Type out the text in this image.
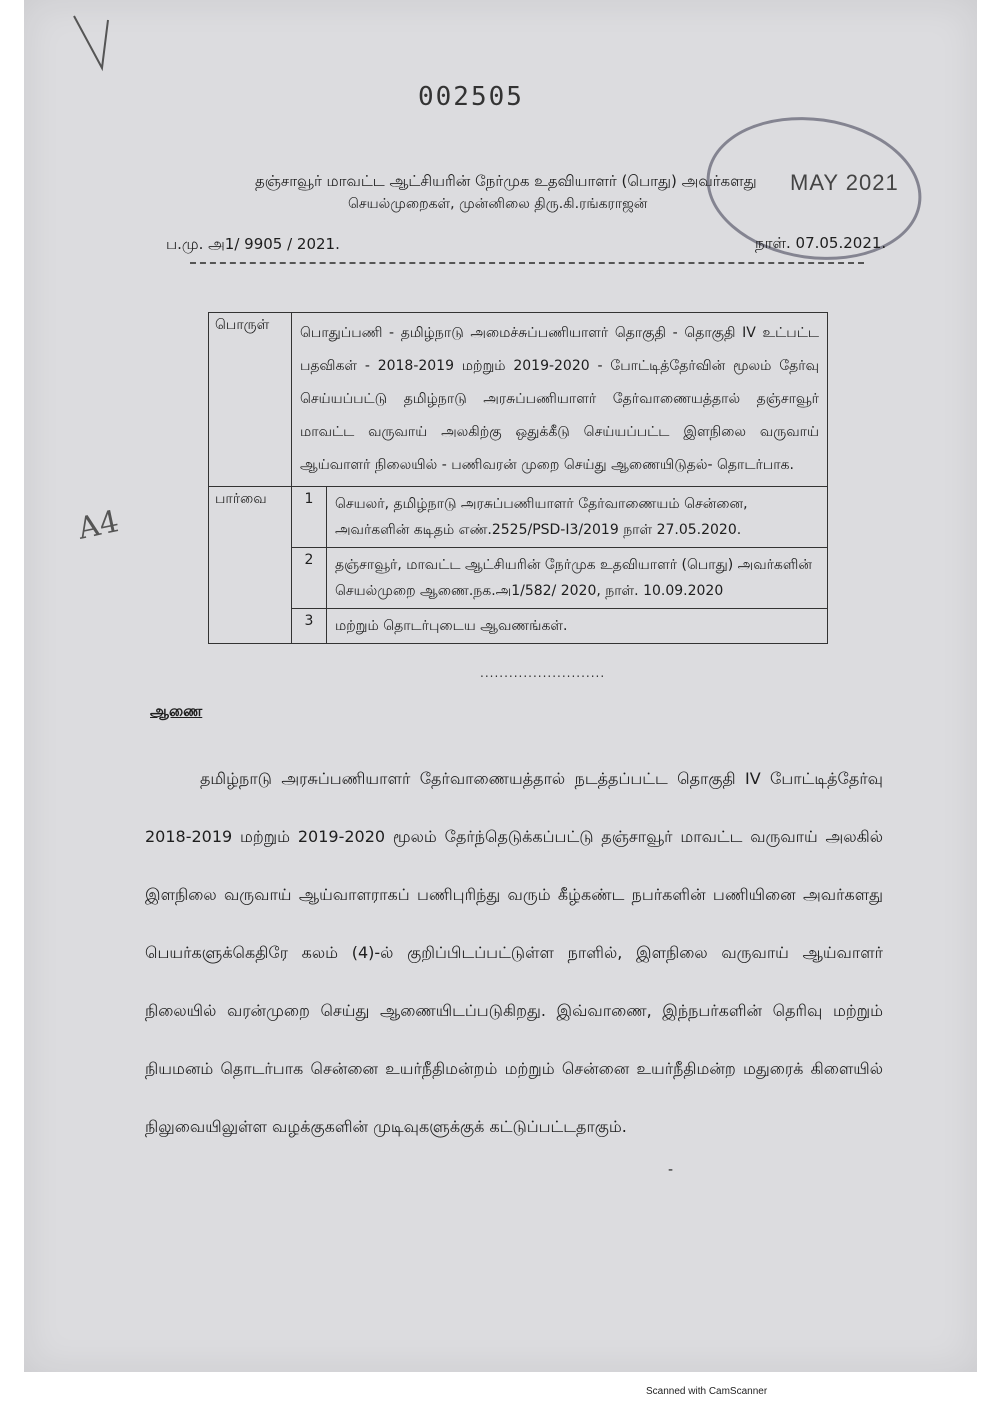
002505
MAY 2021
தஞ்சாவூர் மாவட்ட ஆட்சியரின் நேர்முக உதவியாளர் (பொது) அவர்களது
செயல்முறைகள், முன்னிலை திரு.கி.ரங்கராஜன்
ப.மு. அ1/ 9905 / 2021.	நாள். 07.05.2021.
A4
பொருள்	பொதுப்பணி - தமிழ்நாடு அமைச்சுப்பணியாளர் தொகுதி - தொகுதி IV உட்பட்ட பதவிகள் - 2018-2019 மற்றும் 2019-2020 - போட்டித்தேர்வின் மூலம் தேர்வு செய்யப்பட்டு தமிழ்நாடு அரசுப்பணியாளர் தேர்வாணையத்தால் தஞ்சாவூர் மாவட்ட வருவாய் அலகிற்கு ஒதுக்கீடு செய்யப்பட்ட இளநிலை வருவாய் ஆய்வாளர் நிலையில் - பணிவரன் முறை செய்து ஆணையிடுதல்- தொடர்பாக.	
பார்வை	1	செயலர், தமிழ்நாடு அரசுப்பணியாளர் தேர்வாணையம் சென்னை, அவர்களின் கடிதம் எண்.2525/PSD-I3/2019 நாள் 27.05.2020.
	2	தஞ்சாவூர், மாவட்ட ஆட்சியரின் நேர்முக உதவியாளர் (பொது) அவர்களின் செயல்முறை ஆணை.நக.அ1/582/ 2020, நாள். 10.09.2020
	3	மற்றும் தொடர்புடைய ஆவணங்கள்.
..........................
ஆணை

தமிழ்நாடு அரசுப்பணியாளர் தேர்வாணையத்தால் நடத்தப்பட்ட தொகுதி IV போட்டித்தேர்வு 2018-2019 மற்றும் 2019-2020 மூலம் தேர்ந்தெடுக்கப்பட்டு தஞ்சாவூர் மாவட்ட வருவாய் அலகில் இளநிலை வருவாய் ஆய்வாளராகப் பணிபுரிந்து வரும் கீழ்கண்ட நபர்களின் பணியினை அவர்களது பெயர்களுக்கெதிரே கலம் (4)-ல் குறிப்பிடப்பட்டுள்ள நாளில், இளநிலை வருவாய் ஆய்வாளர் நிலையில் வரன்முறை செய்து ஆணையிடப்படுகிறது. இவ்வாணை, இந்நபர்களின் தெரிவு மற்றும் நியமனம் தொடர்பாக சென்னை உயர்நீதிமன்றம் மற்றும் சென்னை உயர்நீதிமன்ற மதுரைக் கிளையில் நிலுவையிலுள்ள வழக்குகளின் முடிவுகளுக்குக் கட்டுப்பட்டதாகும்.

-
Scanned with CamScanner
